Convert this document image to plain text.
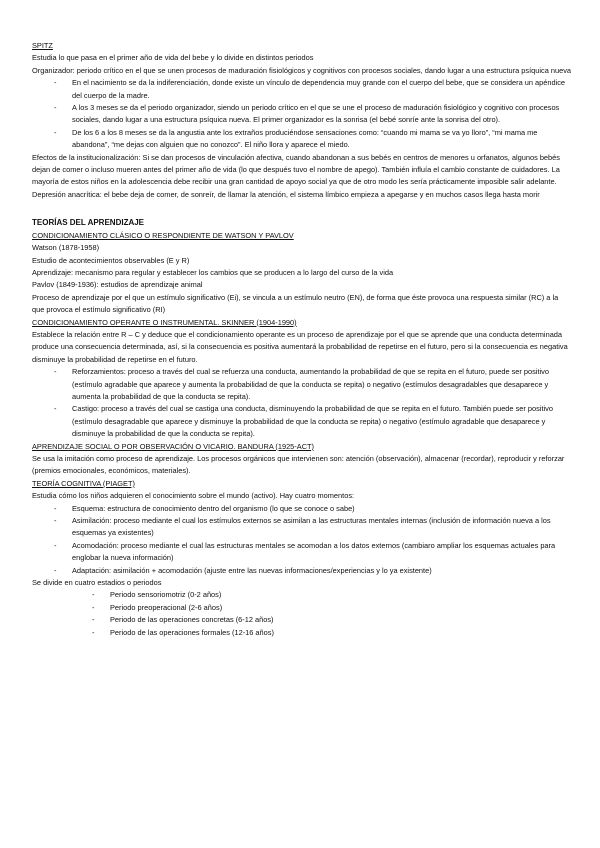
SPITZ

Estudia lo que pasa en el primer año de vida del bebe y lo divide en distintos periodos

Organizador: periodo crítico en el que se unen procesos de maduración fisiológicos y cognitivos con procesos sociales, dando lugar a una estructura psíquica nueva

- En el nacimiento se da la indiferenciación, donde existe un vínculo de dependencia muy grande con el cuerpo del bebe, que se considera un apéndice del cuerpo de la madre.
- A los 3 meses se da el periodo organizador, siendo un periodo crítico en el que se une el proceso de maduración fisiológico y cognitivo con procesos sociales, dando lugar a una estructura psíquica nueva. El primer organizador es la sonrisa (el bebé sonríe ante la sonrisa del otro).
- De los 6 a los 8 meses se da la angustia ante los extraños produciéndose sensaciones como: “cuando mi mama se va yo lloro”, “mi mama me abandona”, “me dejas con alguien que no conozco”. El niño llora y aparece el miedo.

Efectos de la institucionalización: Si se dan procesos de vinculación afectiva, cuando abandonan a sus bebés en centros de menores u orfanatos, algunos bebés dejan de comer o incluso mueren antes del primer año de vida (lo que después tuvo el nombre de apego). También influía el cambio constante de cuidadores. La mayoría de estos niños en la adolescencia debe recibir una gran cantidad de apoyo social ya que de otro modo les sería prácticamente imposible salir adelante.

Depresión anacrítica: el bebe deja de comer, de sonreír, de llamar la atención, el sistema límbico empieza a apegarse y en muchos casos llega hasta morir

TEORÍAS DEL APRENDIZAJE

CONDICIONAMIENTO CLÁSICO O RESPONDIENTE DE WATSON Y PAVLOV

Watson (1878-1958)

Estudio de acontecimientos observables (E y R)

Aprendizaje: mecanismo para regular y establecer los cambios que se producen a lo largo del curso de la vida

Pavlov (1849-1936): estudios de aprendizaje animal

Proceso de aprendizaje por el que un estímulo significativo (Ei), se vincula a un estímulo neutro (EN), de forma que éste provoca una respuesta similar (RC) a la que provoca el estímulo significativo (RI)

CONDICIONAMIENTO OPERANTE O INSTRUMENTAL. SKINNER (1904-1990)

Establece la relación entre R – C y deduce que el condicionamiento operante es un proceso de aprendizaje por el que se aprende que una conducta determinada produce una consecuencia determinada, así, si la consecuencia es positiva aumentará la probabilidad de repetirse en el futuro, pero si la consecuencia es negativa disminuye la probabilidad de repetirse en el futuro.

- Reforzamientos: proceso a través del cual se refuerza una conducta, aumentando la probabilidad de que se repita en el futuro, puede ser positivo (estímulo agradable que aparece y aumenta la probabilidad de que la conducta se repita) o negativo (estímulos desagradables que desaparece y aumenta la probabilidad de que la conducta se repita).
- Castigo: proceso a través del cual se castiga una conducta, disminuyendo la probabilidad de que se repita en el futuro. También puede ser positivo (estímulo desagradable que aparece y disminuye la probabilidad de que la conducta se repita) o negativo (estímulo agradable que desaparece y disminuye la probabilidad de que la conducta se repita).

APRENDIZAJE SOCIAL O POR OBSERVACIÓN O VICARIO. BANDURA (1925-ACT)

Se usa la imitación como proceso de aprendizaje. Los procesos orgánicos que intervienen son: atención (observación), almacenar (recordar), reproducir y reforzar (premios emocionales, económicos, materiales).

TEORÍA COGNITIVA (PIAGET)

Estudia cómo los niños adquieren el conocimiento sobre el mundo (activo). Hay cuatro momentos:

- Esquema: estructura de conocimiento dentro del organismo (lo que se conoce o sabe)
- Asimilación: proceso mediante el cual los estímulos externos se asimilan a las estructuras mentales internas (inclusión de información nueva a los esquemas ya existentes)
- Acomodación: proceso mediante el cual las estructuras mentales se acomodan a los datos externos (cambiaro ampliar los esquemas actuales para englobar la nueva información)
- Adaptación: asimilación + acomodación (ajuste entre las nuevas informaciones/experiencias y lo ya existente)

Se divide en cuatro estadios o periodos

- Periodo sensoriomotriz (0-2 años)
- Periodo preoperacional (2-6 años)
- Periodo de las operaciones concretas (6-12 años)
- Periodo de las operaciones formales (12-16 años)
